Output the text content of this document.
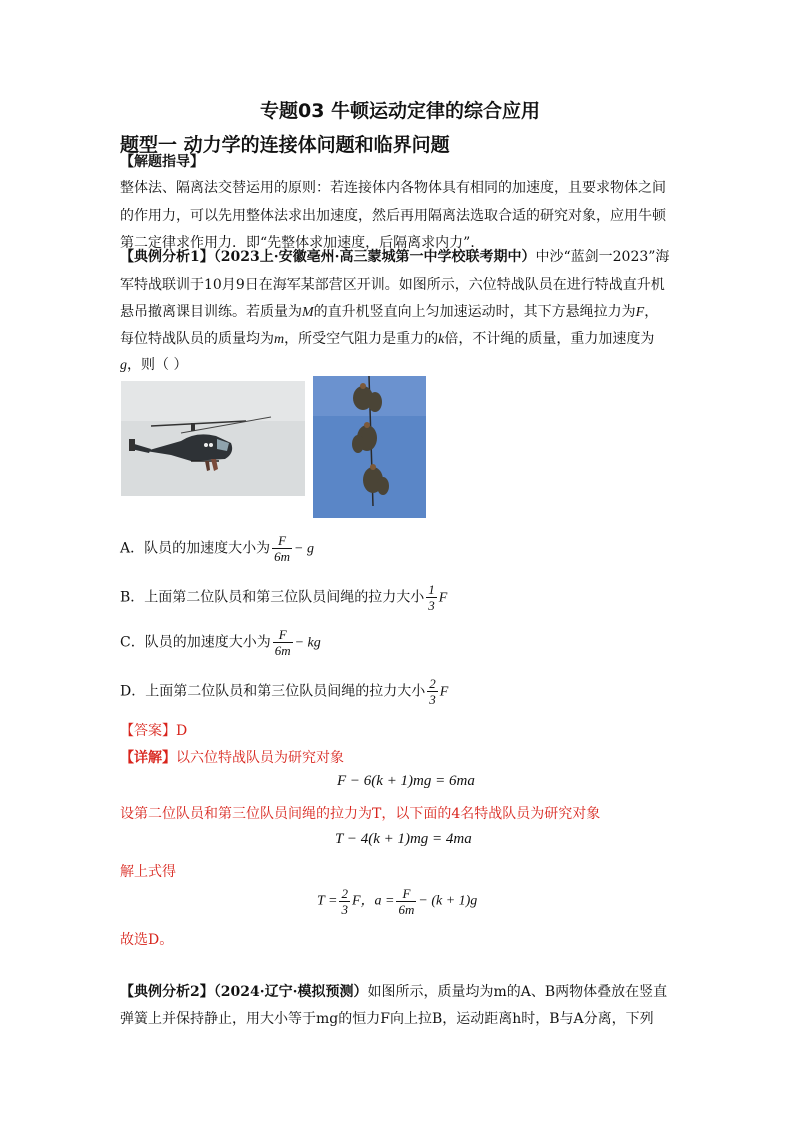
专题03 牛顿运动定律的综合应用
题型一 动力学的连接体问题和临界问题
【解题指导】
整体法、隔离法交替运用的原则：若连接体内各物体具有相同的加速度，且要求物体之间
的作用力，可以先用整体法求出加速度，然后再用隔离法选取合适的研究对象，应用牛顿
第二定律求作用力．即“先整体求加速度，后隔离求内力”．
【典例分析1】（2023上·安徽亳州·高三蒙城第一中学校联考期中）中沙“蓝剑一2023”海
军特战联训于10月9日在海军某部营区开训。如图所示，六位特战队员在进行特战直升机
悬吊撤离课目训练。若质量为M的直升机竖直向上匀加速运动时，其下方悬绳拉力为F，
每位特战队员的质量均为m，所受空气阻力是重力的k倍，不计绳的质量，重力加速度为
g，则（ ）
A．队员的加速度大小为 $\frac{F}{6m} - g$
B．上面第二位队员和第三位队员间绳的拉力大小 $\frac{1}{3}$ F
C．队员的加速度大小为 $\frac{F}{6m}$ − kg
D．上面第二位队员和第三位队员间绳的拉力大小 $\frac{2}{3}$ F
【答案】D
【详解】以六位特战队员为研究对象
F − 6(k + 1)mg = 6ma
设第二位队员和第三位队员间绳的拉力为T，以下面的4名特战队员为研究对象
T − 4(k + 1)mg = 4ma
解上式得
$T = \frac{2}{3}$ F，$a = \frac{F}{6m} - (k + 1)g$
故选D。
【典例分析2】（2024·辽宁·模拟预测）如图所示，质量均为m的A、B两物体叠放在竖直
弹簧上并保持静止，用大小等于mg的恒力F向上拉B，运动距离h时，B与A分离，下列
